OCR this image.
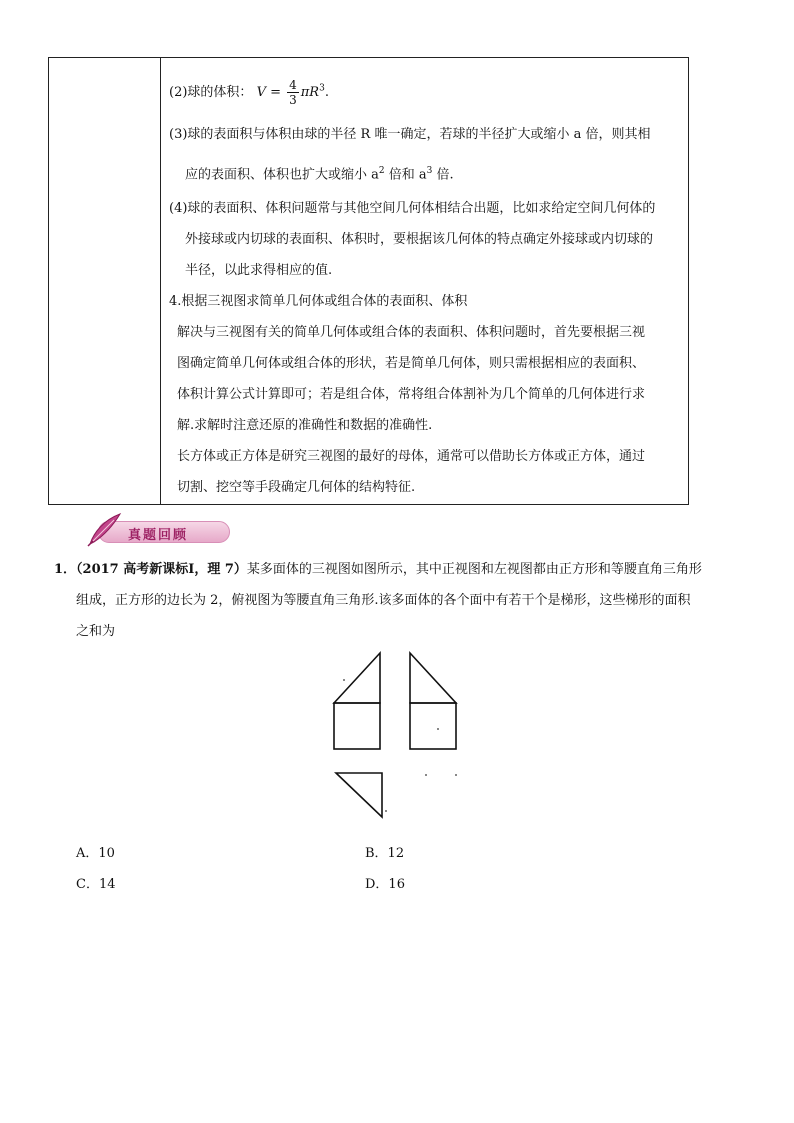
(2)球的体积： $V = \frac{4}{3} \pi R^3$.
(3)球的表面积与体积由球的半径 R 唯一确定，若球的半径扩大或缩小 a 倍，则其相
应的表面积、体积也扩大或缩小 $a^2$ 倍和 $a^3$ 倍.
(4)球的表面积、体积问题常与其他空间几何体相结合出题，比如求给定空间几何体的
外接球或内切球的表面积、体积时，要根据该几何体的特点确定外接球或内切球的
半径，以此求得相应的值.
4.根据三视图求简单几何体或组合体的表面积、体积
解决与三视图有关的简单几何体或组合体的表面积、体积问题时，首先要根据三视
图确定简单几何体或组合体的形状，若是简单几何体，则只需根据相应的表面积、
体积计算公式计算即可；若是组合体，常将组合体割补为几个简单的几何体进行求
解.求解时注意还原的准确性和数据的准确性.
长方体或正方体是研究三视图的最好的母体，通常可以借助长方体或正方体，通过
切割、挖空等手段确定几何体的结构特征.
真题回顾
1．（2017 高考新课标Ⅰ，理 7）某多面体的三视图如图所示，其中正视图和左视图都由正方形和等腰直角三角形
组成，正方形的边长为 2，俯视图为等腰直角三角形.该多面体的各个面中有若干个是梯形，这些梯形的面积
之和为
A．10	B．12
C．14	D．16
